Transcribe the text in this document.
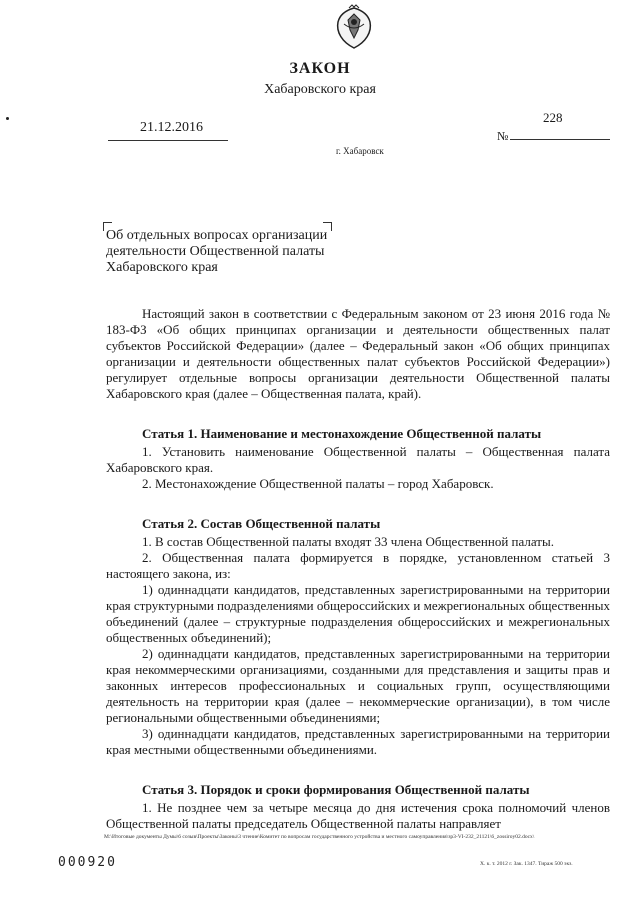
ЗАКОН
Хабаровского края
21.12.2016
228
№
г. Хабаровск
Об отдельных вопросах организации
деятельности Общественной палаты
Хабаровского края

Настоящий закон в соответствии с Федеральным законом от 23 июня 2016 года № 183-ФЗ «Об общих принципах организации и деятельности общественных палат субъектов Российской Федерации» (далее – Федеральный закон «Об общих принципах организации и деятельности общественных палат субъектов Российской Федерации») регулирует отдельные вопросы организации деятельности Общественной палаты Хабаровского края (далее – Общественная палата, край).

Статья 1. Наименование и местонахождение Общественной палаты

1. Установить наименование Общественной палаты – Общественная палата Хабаровского края.

2. Местонахождение Общественной палаты – город Хабаровск.

Статья 2. Состав Общественной палаты

1. В состав Общественной палаты входят 33 члена Общественной палаты.

2. Общественная палата формируется в порядке, установленном статьей 3 настоящего закона, из:

1) одиннадцати кандидатов, представленных зарегистрированными на территории края структурными подразделениями общероссийских и межрегиональных общественных объединений (далее – структурные подразделения общероссийских и межрегиональных общественных объединений);

2) одиннадцати кандидатов, представленных зарегистрированными на территории края некоммерческими организациями, созданными для представления и защиты прав и законных интересов профессиональных и социальных групп, осуществляющими деятельность на территории края (далее – некоммерческие организации), в том числе региональными общественными объединениями;

3) одиннадцати кандидатов, представленных зарегистрированными на территории края местными общественными объединениями.

Статья 3. Порядок и сроки формирования Общественной палаты

1. Не позднее чем за четыре месяца до дня истечения срока полномочий членов Общественной палаты председатель Общественной палаты направляет

М:\Итоговые документы Думы\6 созыв\Проекты\Законы\3 чтение\Комитет по вопросам государственного устройства и местного самоуправления\зр3-VI-232_21121\6_zossiroy02.docx\
Х. к. т. 2012 г. Зак. 1347. Тираж 500 экз.
000920
